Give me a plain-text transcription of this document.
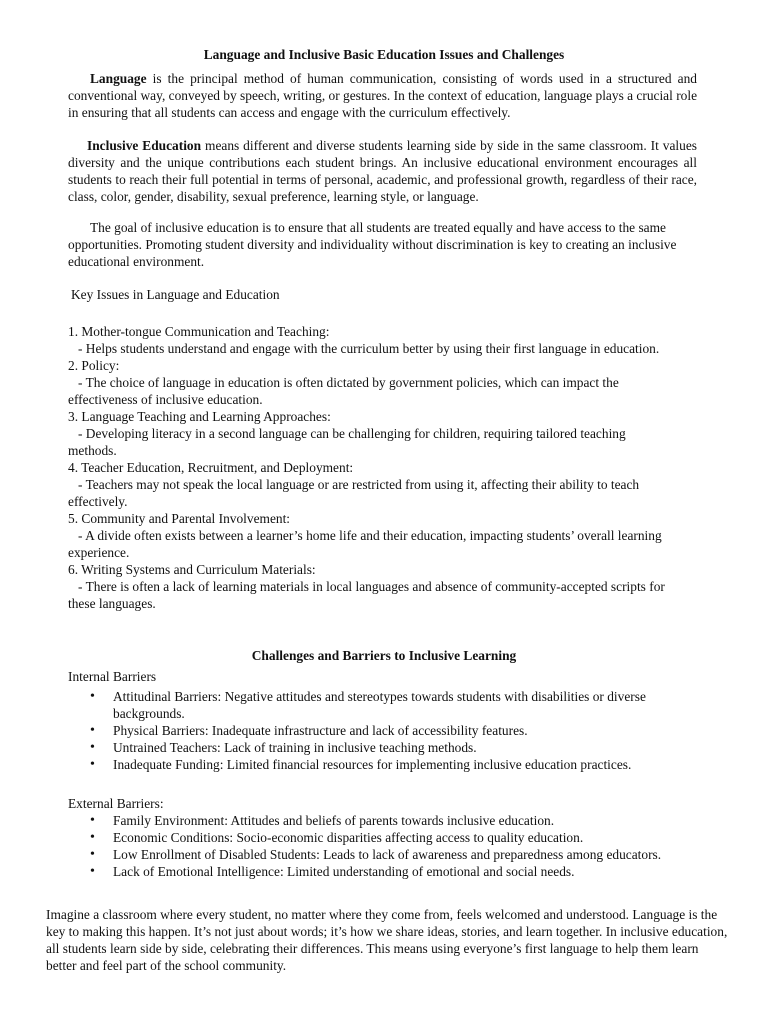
Language and Inclusive Basic Education Issues and Challenges

Language is the principal method of human communication, consisting of words used in a structured and conventional way, conveyed by speech, writing, or gestures. In the context of education, language plays a crucial role in ensuring that all students can access and engage with the curriculum effectively.

Inclusive Education means different and diverse students learning side by side in the same classroom. It values diversity and the unique contributions each student brings. An inclusive educational environment encourages all students to reach their full potential in terms of personal, academic, and professional growth, regardless of their race, class, color, gender, disability, sexual preference, learning style, or language.

The goal of inclusive education is to ensure that all students are treated equally and have access to the same opportunities. Promoting student diversity and individuality without discrimination is key to creating an inclusive educational environment.

Key Issues in Language and Education

1. Mother-tongue Communication and Teaching:

- Helps students understand and engage with the curriculum better by using their first language in education.

2. Policy:

- The choice of language in education is often dictated by government policies, which can impact the
effectiveness of inclusive education.

3. Language Teaching and Learning Approaches:

- Developing literacy in a second language can be challenging for children, requiring tailored teaching
methods.

4. Teacher Education, Recruitment, and Deployment:

- Teachers may not speak the local language or are restricted from using it, affecting their ability to teach
effectively.

5. Community and Parental Involvement:

- A divide often exists between a learner’s home life and their education, impacting students’ overall learning
experience.

6. Writing Systems and Curriculum Materials:

- There is often a lack of learning materials in local languages and absence of community-accepted scripts for
these languages.

Challenges and Barriers to Inclusive Learning

Internal Barriers

• Attitudinal Barriers: Negative attitudes and stereotypes towards students with disabilities or diverse
backgrounds.
• Physical Barriers: Inadequate infrastructure and lack of accessibility features.
• Untrained Teachers: Lack of training in inclusive teaching methods.
• Inadequate Funding: Limited financial resources for implementing inclusive education practices.

External Barriers:

• Family Environment: Attitudes and beliefs of parents towards inclusive education.
• Economic Conditions: Socio-economic disparities affecting access to quality education.
• Low Enrollment of Disabled Students: Leads to lack of awareness and preparedness among educators.
• Lack of Emotional Intelligence: Limited understanding of emotional and social needs.

Imagine a classroom where every student, no matter where they come from, feels welcomed and understood. Language is the key to making this happen. It’s not just about words; it’s how we share ideas, stories, and learn together. In inclusive education, all students learn side by side, celebrating their differences. This means using everyone’s first language to help them learn better and feel part of the school community.
